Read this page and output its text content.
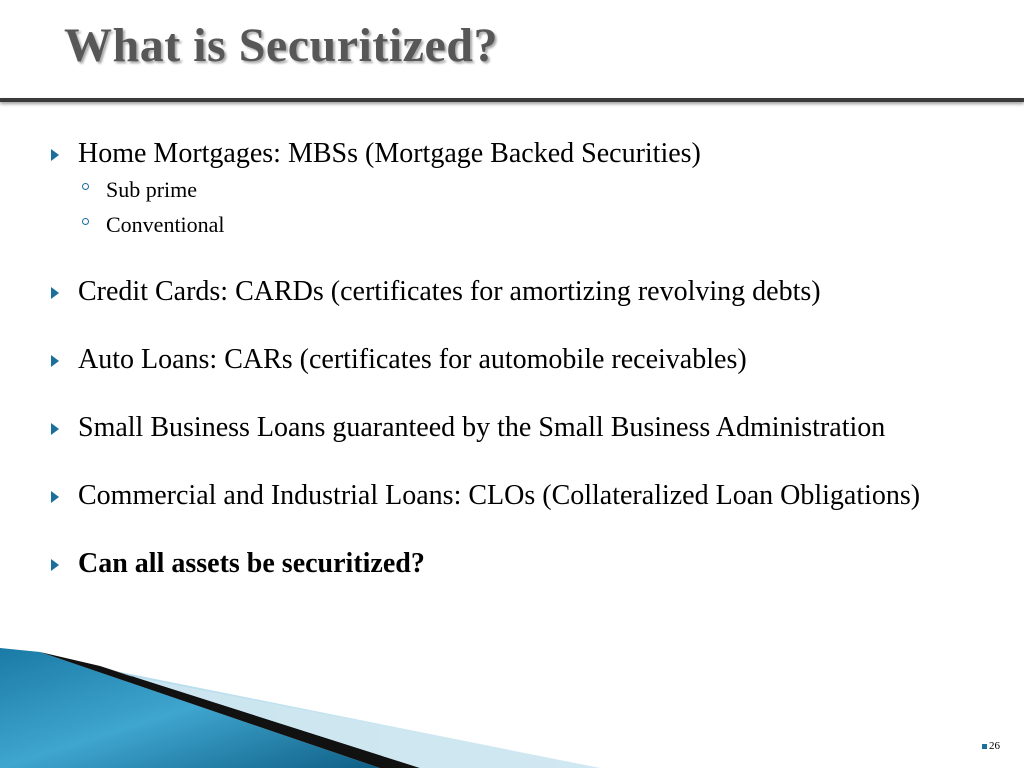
What is Securitized?
Home Mortgages: MBSs (Mortgage Backed Securities)
Sub prime
Conventional
Credit Cards: CARDs (certificates for amortizing revolving debts)
Auto Loans: CARs (certificates for automobile receivables)
Small Business Loans guaranteed by the Small Business Administration
Commercial and Industrial Loans: CLOs (Collateralized Loan Obligations)
Can all assets be securitized?
26
